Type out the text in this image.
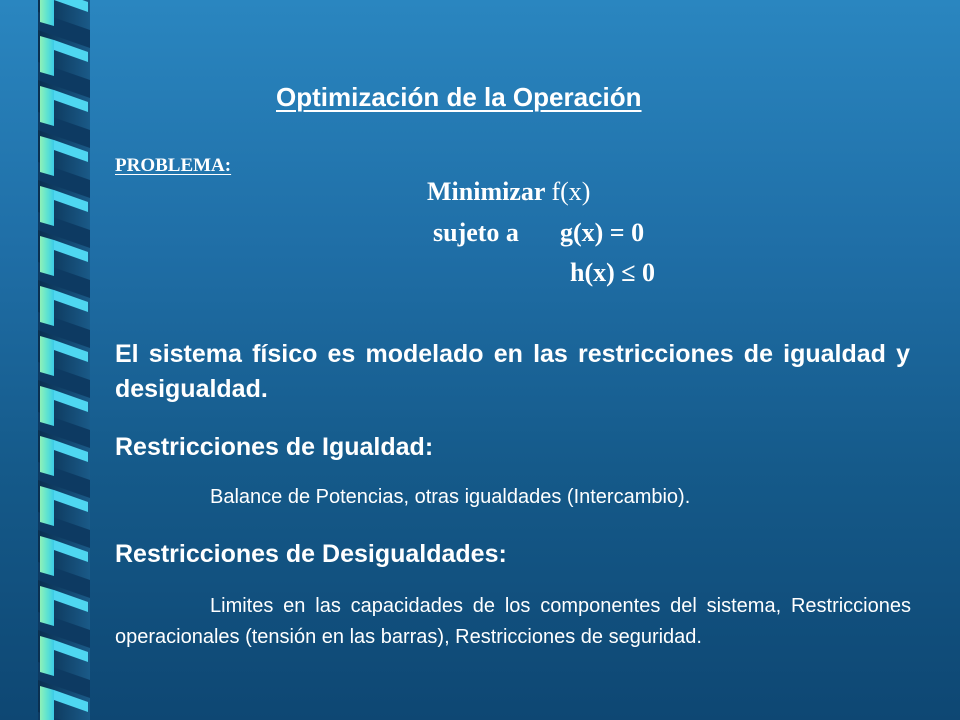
Optimización de la Operación
PROBLEMA:
Minimizar f(x)
sujeto a g(x) = 0
h(x) ≤ 0
El sistema físico es modelado en las restricciones de igualdad y desigualdad.
Restricciones de Igualdad:
Balance de Potencias, otras igualdades (Intercambio).
Restricciones de Desigualdades:
Limites en las capacidades de los componentes del sistema, Restricciones operacionales (tensión en las barras), Restricciones de seguridad.
